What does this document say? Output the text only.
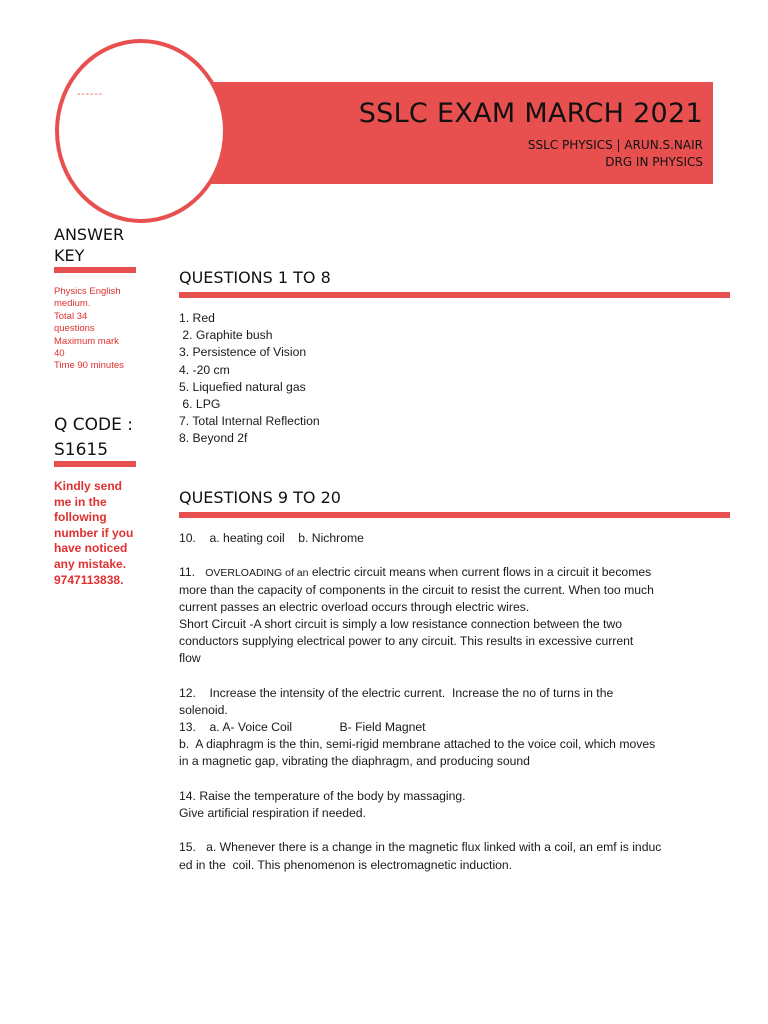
SSLC EXAM MARCH 2021
SSLC PHYSICS | ARUN.S.NAIR
DRG IN PHYSICS
------
ANSWER
KEY
Physics English
medium.
Total 34
questions
Maximum mark
40
Time 90 minutes
Q CODE :
S1615
Kindly send
me in the
following
number if you
have noticed
any mistake.
9747113838.
QUESTIONS 1 TO 8
1. Red
2. Graphite bush
3. Persistence of Vision
4. -20 cm
5. Liquefied natural gas
6. LPG
7. Total Internal Reflection
8. Beyond 2f
QUESTIONS 9 TO 20
10.    a. heating coil    b. Nichrome
11.   OVERLOADING of an electric circuit means when current flows in a circuit it becomes
more than the capacity of components in the circuit to resist the current. When too much
current passes an electric overload occurs through electric wires.
Short Circuit -A short circuit is simply a low resistance connection between the two
conductors supplying electrical power to any circuit. This results in excessive current
flow
12.    Increase the intensity of the electric current.  Increase the no of turns in the
solenoid.
13.    a. A- Voice Coil              B- Field Magnet
b.  A diaphragm is the thin, semi-rigid membrane attached to the voice coil, which moves
in a magnetic gap, vibrating the diaphragm, and producing sound
14. Raise the temperature of the body by massaging.
Give artificial respiration if needed.
15.   a. Whenever there is a change in the magnetic flux linked with a coil, an emf is induc
ed in the  coil. This phenomenon is electromagnetic induction.
